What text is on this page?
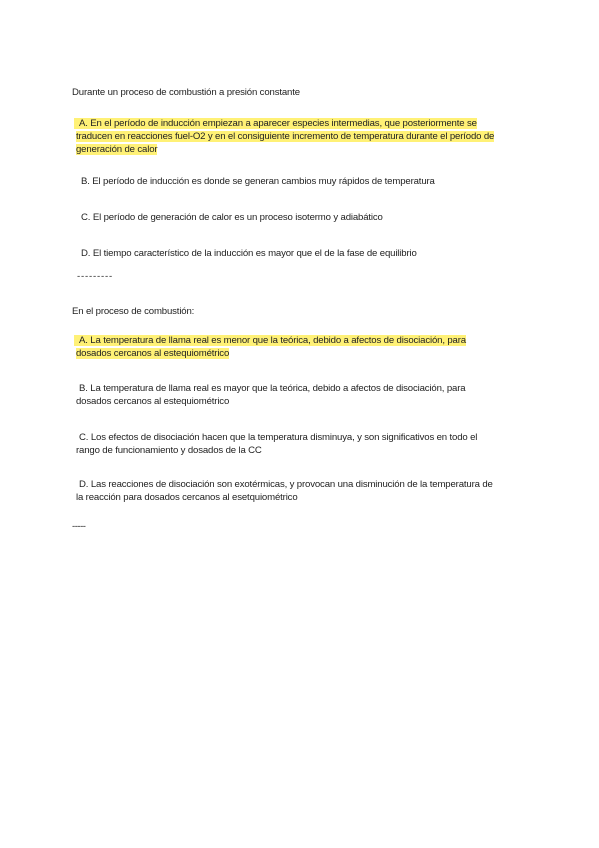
Durante un proceso de combustión a presión constante
A. En el período de inducción empiezan a aparecer especies intermedias, que posteriormente se
traducen en reacciones fuel-O2 y en el consiguiente incremento de temperatura durante el período de
generación de calor
B. El período de inducción es donde se generan cambios muy rápidos de temperatura
C. El período de generación de calor es un proceso isotermo y adiabático
D. El tiempo característico de la inducción es mayor que el de la fase de equilibrio
---------
En el proceso de combustión:
A. La temperatura de llama real es menor que la teórica, debido a afectos de disociación, para
dosados cercanos al estequiométrico
B. La temperatura de llama real es mayor que la teórica, debido a afectos de disociación, para
dosados cercanos al estequiométrico
C. Los efectos de disociación hacen que la temperatura disminuya, y son significativos en todo el
rango de funcionamiento y dosados de la CC
D. Las reacciones de disociación son exotérmicas, y provocan una disminución de la temperatura de
la reacción para dosados cercanos al esetquiométrico
-----
